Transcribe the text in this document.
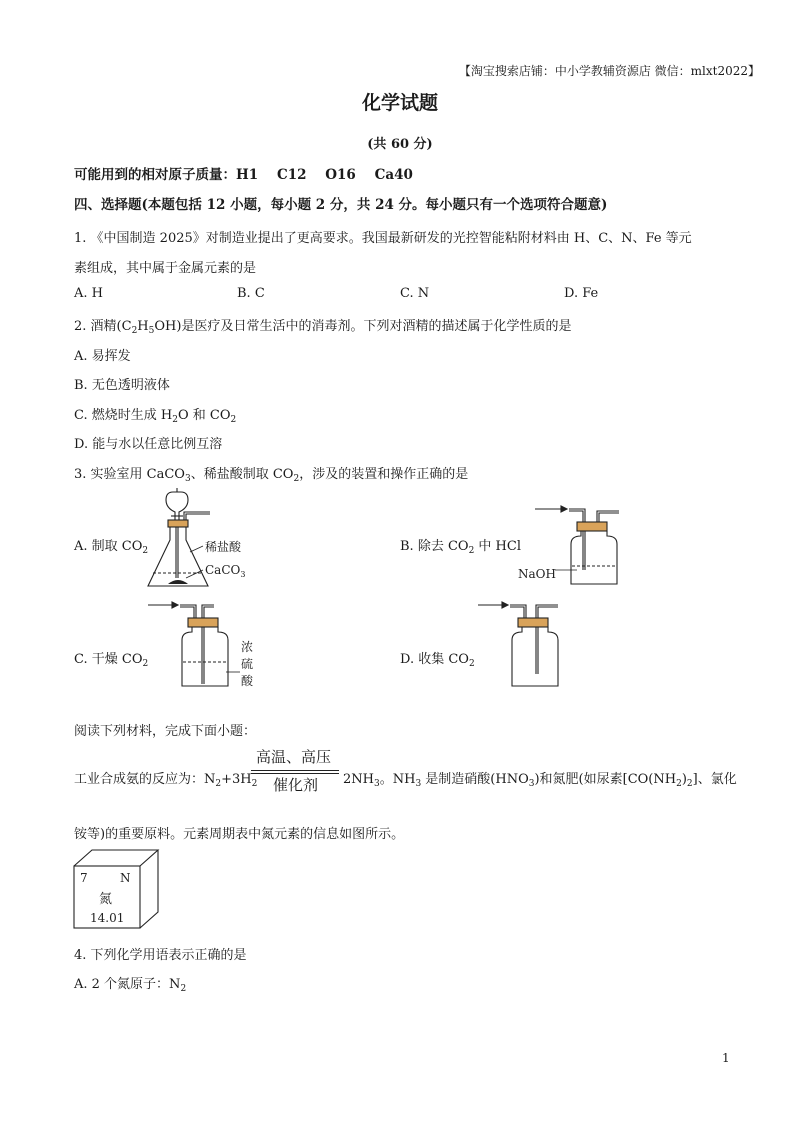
【淘宝搜索店铺：中小学教辅资源店 微信：mlxt2022】
化学试题
(共 60 分)
可能用到的相对原子质量：H1    C12    O16    Ca40
四、选择题(本题包括 12 小题，每小题 2 分，共 24 分。每小题只有一个选项符合题意)
1. 《中国制造 2025》对制造业提出了更高要求。我国最新研发的光控智能粘附材料由 H、C、N、Fe 等元
素组成，其中属于金属元素的是
A. H	B. C	C. N	D. Fe
2. 酒精$(C_2H_5OH)$是医疗及日常生活中的消毒剂。下列对酒精的描述属于化学性质的是
A. 易挥发
B. 无色透明液体
C. 燃烧时生成 $H_2O$ 和 $CO_2$
D. 能与水以任意比例互溶
3. 实验室用 CaCO$_3$、稀盐酸制取 $CO_2$，涉及的装置和操作正确的是
A. 制取 $CO_2$	B. 除去 $CO_2$ 中 HCl
C. 干燥 $CO_2$	D. 收集 $CO_2$
稀盐酸
CaCO$_3$	NaOH
浓
硫
酸
阅读下列材料，完成下面小题：
工业合成氨的反应为：$N_2+3H_2$
高温、高压
催化剂 $2NH_3$。$NH_3$ 是制造硝酸$(HNO_3)$和氮肥(如尿素$[CO(NH_2)_2]$、氯化
铵等)的重要原料。元素周期表中氮元素的信息如图所示。
7	N
氮
14.01
4. 下列化学用语表示正确的是
A. 2 个氮原子：$N_2$
1
